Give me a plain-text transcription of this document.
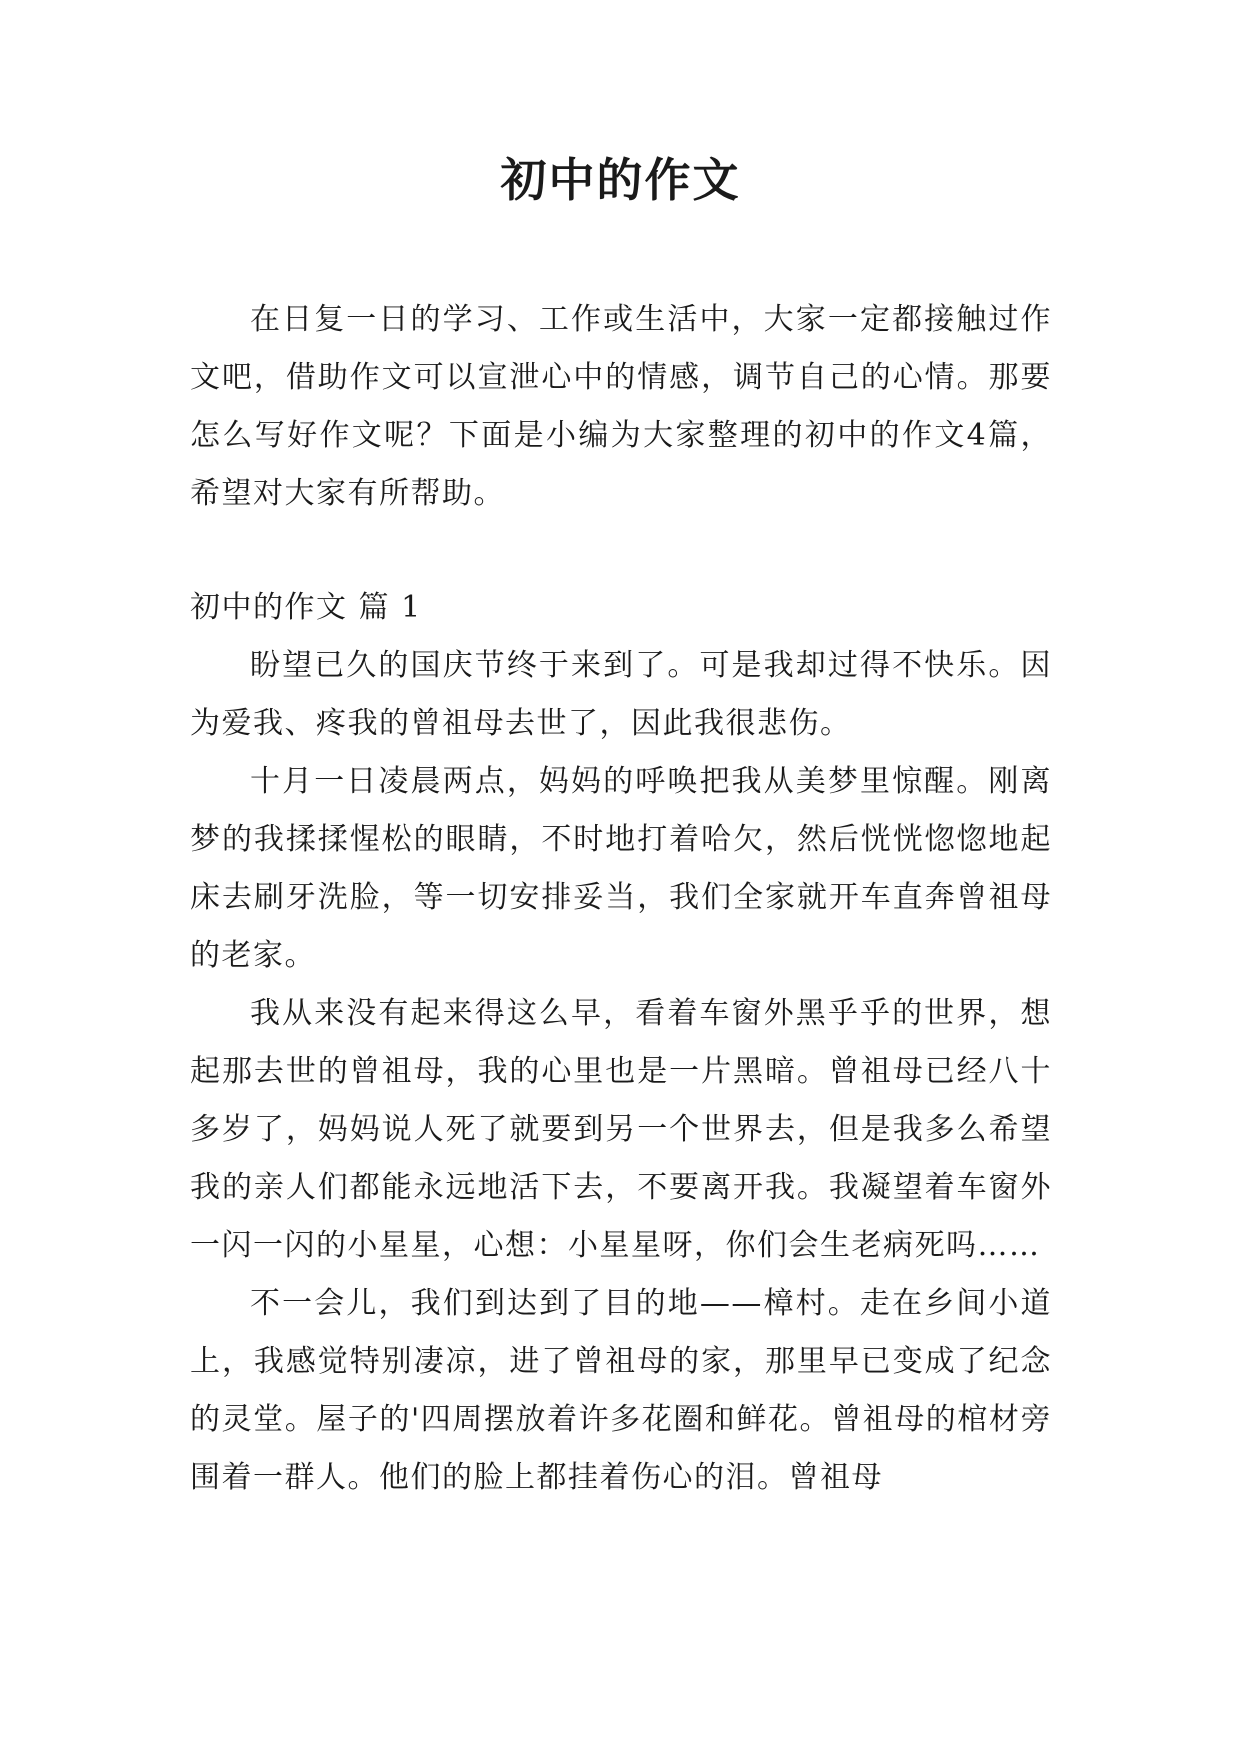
初中的作文

在日复一日的学习、工作或生活中，大家一定都接触过作文吧，借助作文可以宣泄心中的情感，调节自己的心情。那要怎么写好作文呢？下面是小编为大家整理的初中的作文4篇，希望对大家有所帮助。

初中的作文 篇 1

盼望已久的国庆节终于来到了。可是我却过得不快乐。因为爱我、疼我的曾祖母去世了，因此我很悲伤。

十月一日凌晨两点，妈妈的呼唤把我从美梦里惊醒。刚离梦的我揉揉惺松的眼睛，不时地打着哈欠，然后恍恍惚惚地起床去刷牙洗脸，等一切安排妥当，我们全家就开车直奔曾祖母的老家。

我从来没有起来得这么早，看着车窗外黑乎乎的世界，想起那去世的曾祖母，我的心里也是一片黑暗。曾祖母已经八十多岁了，妈妈说人死了就要到另一个世界去，但是我多么希望我的亲人们都能永远地活下去，不要离开我。我凝望着车窗外一闪一闪的小星星，心想：小星星呀，你们会生老病死吗……

不一会儿，我们到达到了目的地——樟村。走在乡间小道上，我感觉特别凄凉，进了曾祖母的家，那里早已变成了纪念的灵堂。屋子的'四周摆放着许多花圈和鲜花。曾祖母的棺材旁围着一群人。他们的脸上都挂着伤心的泪。曾祖母
